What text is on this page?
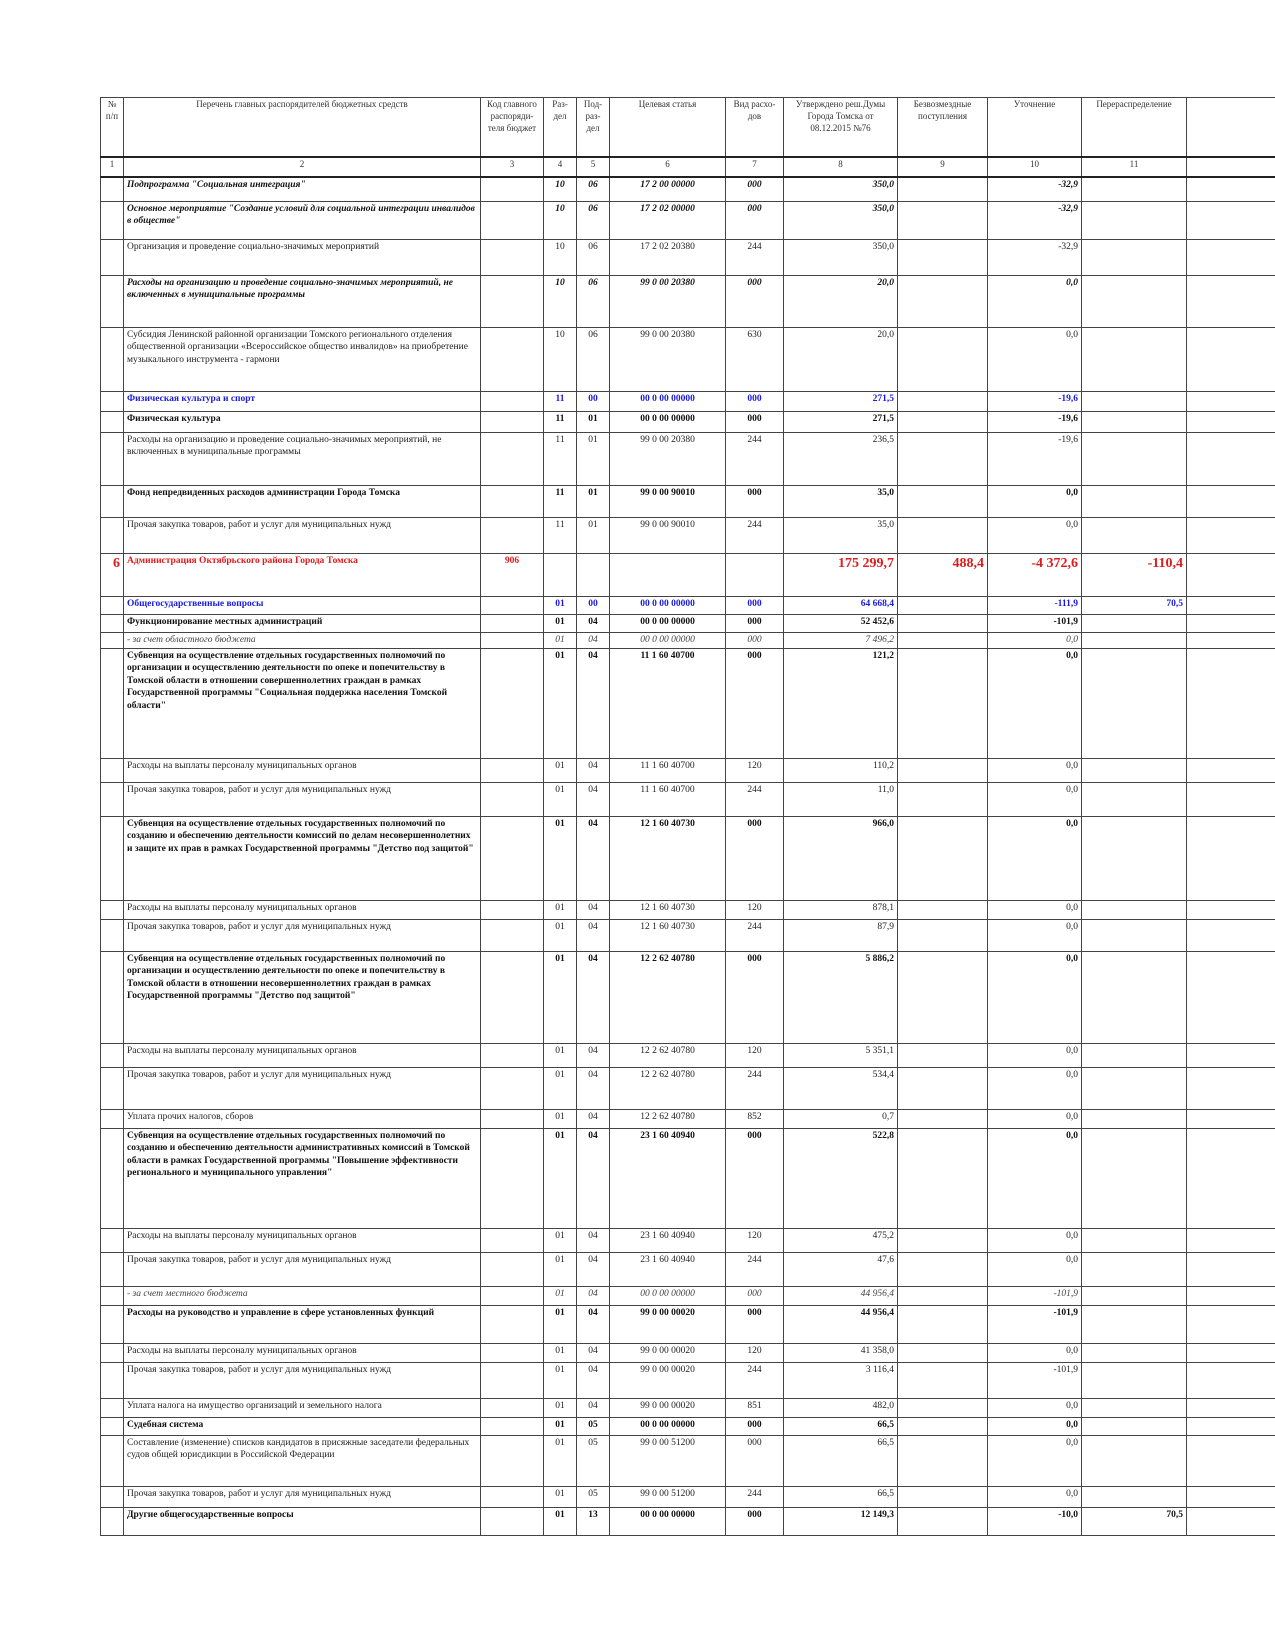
№ п/п	Перечень главных распорядителей бюджетных средств	Код главного распоряди-теля бюджет	Раз-дел	Под-раз-дел	Целевая статья	Вид расхо-дов	Утверждено реш.Думы Города Томска от 08.12.2015 №76	Безвозмездные поступления	Уточнение	Перераспределение	
1	2	3	4	5	6	7	8	9	10	11	
	Подпрограмма "Социальная интеграция"		10	06	17 2 00 00000	000	350,0		-32,9		
	Основное мероприятие "Создание условий для социальной интеграции инвалидов в обществе"		10	06	17 2 02 00000	000	350,0		-32,9		
	Организация и проведение социально-значимых мероприятий		10	06	17 2 02 20380	244	350,0		-32,9		
	Расходы на организацию и проведение социально-значимых мероприятий, не включенных в муниципальные программы		10	06	99 0 00 20380	000	20,0		0,0		
	Субсидия Ленинской районной организации Томского регионального отделения общественной организации «Всероссийское общество инвалидов» на приобретение музыкального инструмента - гармони		10	06	99 0 00 20380	630	20,0		0,0		
	Физическая культура и спорт		11	00	00 0 00 00000	000	271,5		-19,6		
	Физическая культура		11	01	00 0 00 00000	000	271,5		-19,6		
	Расходы на организацию и проведение социально-значимых мероприятий, не включенных в муниципальные программы		11	01	99 0 00 20380	244	236,5		-19,6		
	Фонд непредвиденных расходов администрации Города Томска		11	01	99 0 00 90010	000	35,0		0,0		
	Прочая закупка товаров, работ и услуг для муниципальных нужд		11	01	99 0 00 90010	244	35,0		0,0		
6	Администрация Октябрьского района Города Томска	906					175 299,7	488,4	-4 372,6	-110,4	
	Общегосударственные вопросы		01	00	00 0 00 00000	000	64 668,4		-111,9	70,5	
	Функционирование местных администраций		01	04	00 0 00 00000	000	52 452,6		-101,9		
	- за счет областного бюджета		01	04	00 0 00 00000	000	7 496,2		0,0		
	Субвенция на осуществление отдельных государственных полномочий по организации и осуществлению деятельности по опеке и попечительству в Томской области в отношении совершеннолетних граждан в рамках Государственной программы "Социальная поддержка населения Томской области"		01	04	11 1 60 40700	000	121,2		0,0		
	Расходы на выплаты персоналу муниципальных органов		01	04	11 1 60 40700	120	110,2		0,0		
	Прочая закупка товаров, работ и услуг для муниципальных нужд		01	04	11 1 60 40700	244	11,0		0,0		
	Субвенция на осуществление отдельных государственных полномочий по созданию и обеспечению деятельности комиссий по делам несовершеннолетних и защите их прав в рамках Государственной программы "Детство под защитой"		01	04	12 1 60 40730	000	966,0		0,0		
	Расходы на выплаты персоналу муниципальных органов		01	04	12 1 60 40730	120	878,1		0,0		
	Прочая закупка товаров, работ и услуг для муниципальных нужд		01	04	12 1 60 40730	244	87,9		0,0		
	Субвенция на осуществление отдельных государственных полномочий по организации и осуществлению деятельности по опеке и попечительству в Томской области в отношении несовершеннолетних граждан в рамках Государственной программы "Детство под защитой"		01	04	12 2 62 40780	000	5 886,2		0,0		
	Расходы на выплаты персоналу муниципальных органов		01	04	12 2 62 40780	120	5 351,1		0,0		
	Прочая закупка товаров, работ и услуг для муниципальных нужд		01	04	12 2 62 40780	244	534,4		0,0		
	Уплата прочих налогов, сборов		01	04	12 2 62 40780	852	0,7		0,0		
	Субвенция на осуществление отдельных государственных полномочий по созданию и обеспечению деятельности административных комиссий в Томской области в рамках Государственной программы "Повышение эффективности регионального и муниципального управления"		01	04	23 1 60 40940	000	522,8		0,0		
	Расходы на выплаты персоналу муниципальных органов		01	04	23 1 60 40940	120	475,2		0,0		
	Прочая закупка товаров, работ и услуг для муниципальных нужд		01	04	23 1 60 40940	244	47,6		0,0		
	- за счет местного бюджета		01	04	00 0 00 00000	000	44 956,4		-101,9		
	Расходы на руководство и управление в сфере установленных функций		01	04	99 0 00 00020	000	44 956,4		-101,9		
	Расходы на выплаты персоналу муниципальных органов		01	04	99 0 00 00020	120	41 358,0		0,0		
	Прочая закупка товаров, работ и услуг для муниципальных нужд		01	04	99 0 00 00020	244	3 116,4		-101,9		
	Уплата налога на имущество организаций и земельного налога		01	04	99 0 00 00020	851	482,0		0,0		
	Судебная система		01	05	00 0 00 00000	000	66,5		0,0		
	Составление (изменение) списков кандидатов в присяжные заседатели федеральных судов общей юрисдикции в Российской Федерации		01	05	99 0 00 51200	000	66,5		0,0		
	Прочая закупка товаров, работ и услуг для муниципальных нужд		01	05	99 0 00 51200	244	66,5		0,0		
	Другие общегосударственные вопросы		01	13	00 0 00 00000	000	12 149,3		-10,0	70,5	
